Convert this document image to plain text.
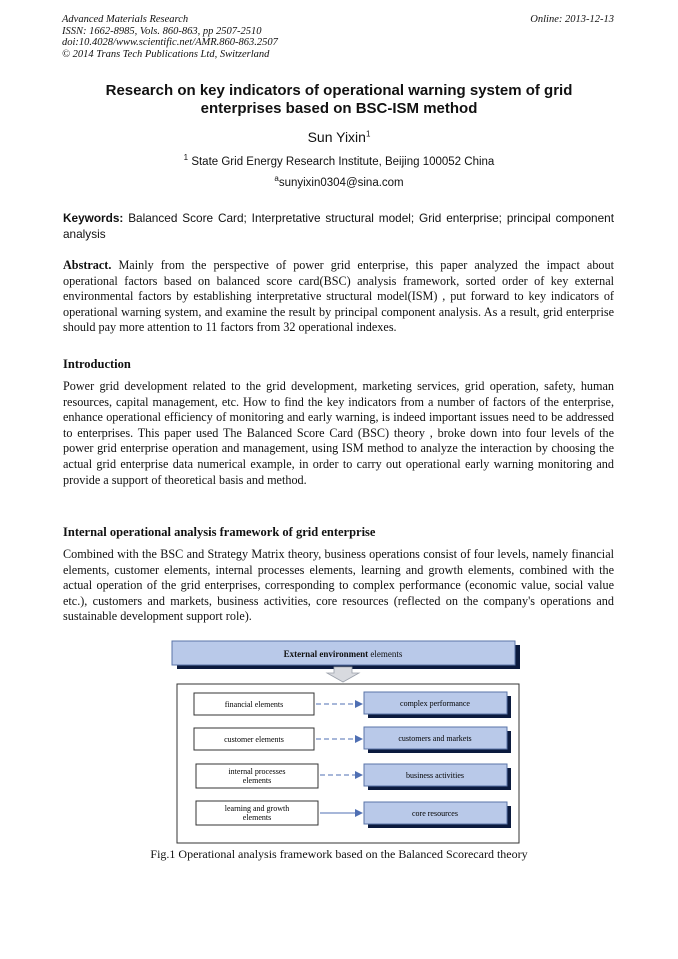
Advanced Materials Research
ISSN: 1662-8985, Vols. 860-863, pp 2507-2510
doi:10.4028/www.scientific.net/AMR.860-863.2507
© 2014 Trans Tech Publications Ltd, Switzerland
Online: 2013-12-13
Research on key indicators of operational warning system of grid
enterprises based on BSC-ISM method
Sun Yixin$^1$
$^1$ State Grid Energy Research Institute, Beijing 100052 China
$^a$sunyixin0304@sina.com
Keywords: Balanced Score Card; Interpretative structural model; Grid enterprise; principal component analysis
Abstract. Mainly from the perspective of power grid enterprise, this paper analyzed the impact about operational factors based on balanced score card(BSC) analysis framework, sorted order of key external environmental factors by establishing interpretative structural model(ISM) , put forward to key indicators of operational warning system, and examine the result by principal component analysis. As a result, grid enterprise should pay more attention to 11 factors from 32 operational indexes.
Introduction
Power grid development related to the grid development, marketing services, grid operation, safety, human resources, capital management, etc. How to find the key indicators from a number of factors of the enterprise, enhance operational efficiency of monitoring and early warning, is indeed important issues need to be addressed to enterprises. This paper used The Balanced Score Card (BSC) theory , broke down into four levels of the power grid enterprise operation and management, using ISM method to analyze the interaction by choosing the actual grid enterprise data numerical example, in order to carry out operational early warning monitoring and provide a support of theoretical basis and method.
Internal operational analysis framework of grid enterprise
Combined with the BSC and Strategy Matrix theory, business operations consist of four levels, namely financial elements, customer elements, internal processes elements, learning and growth elements, combined with the actual operation of the grid enterprises, corresponding to complex performance (economic value, social value etc.), customers and markets, business activities, core resources (reflected on the company's operations and sustainable development support role).
External environment elements
financial elements	complex performance
customer elements	customers and markets
internal processes elements
business activities
learning and growth elements	core resources
Fig.1 Operational analysis framework based on the Balanced Scorecard theory
